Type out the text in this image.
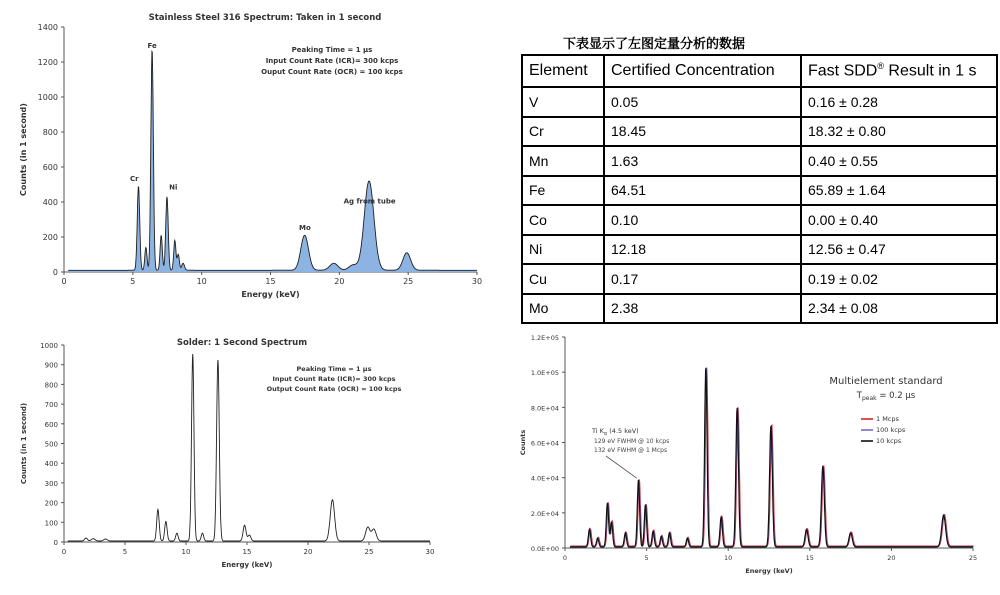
0	5	10	15	20	25	30
0
200
400
600
800
1000
1200
1400
Energy (keV)
Counts (in 1 second)
Stainless Steel 316 Spectrum: Taken in 1 second
Peaking Time = 1 µs
Input Count Rate (ICR)= 300 kcps
Ouput Count Rate (OCR) = 100 kcps
Fe
Cr
Ni
Mo
Ag from tube
0	5	10	15	20	25	30
0
100
200
300
400
500
600
700
800
900
1000
Energy (keV)
Counts (in 1 second)
Solder: 1 Second Spectrum
Peaking Time = 1 µs
Input Count Rate (ICR)= 300 kcps
Output Count Rate (OCR) = 100 kcps
0	5	10	15	20	25
0.0E+00
2.0E+04
4.0E+04
6.0E+04
8.0E+04
1.0E+05
1.2E+05
Energy (keV)
Counts
Multielement standard
$T_{peak} = 0.2$ µs
1 Mcps
100 kcps
10 kcps
Ti $K_\alpha$ (4.5 keV)
129 eV FWHM @ 10 kcps
132 eV FWHM @ 1 Mcps
下表显示了左图定量分析的数据
Element	Certified Concentration	Fast SDD® Result in 1 s
V	0.05	0.16 ± 0.28
Cr	18.45	18.32 ± 0.80
Mn	1.63	0.40 ± 0.55
Fe	64.51	65.89 ± 1.64
Co	0.10	0.00 ± 0.40
Ni	12.18	12.56 ± 0.47
Cu	0.17	0.19 ± 0.02
Mo	2.38	2.34 ± 0.08
